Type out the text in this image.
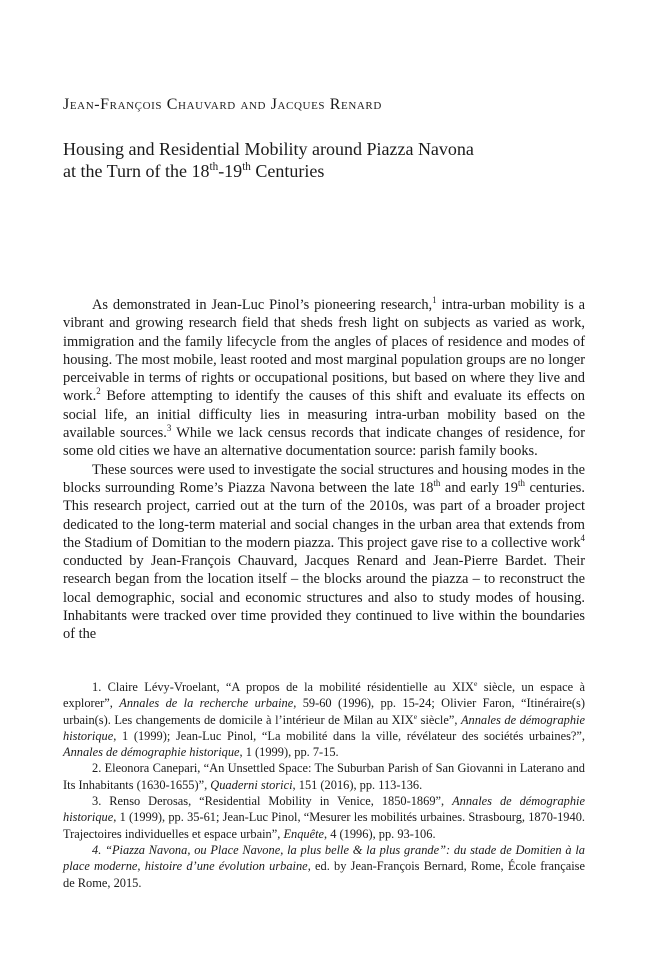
Jean-François Chauvard and Jacques Renard
Housing and Residential Mobility around Piazza Navona
at the Turn of the 18th-19th Centuries

As demonstrated in Jean-Luc Pinol’s pioneering research,$^1$ intra-urban mobility is a vibrant and growing research field that sheds fresh light on subjects as varied as work, immigration and the family lifecycle from the angles of places of residence and modes of housing. The most mobile, least rooted and most marginal population groups are no longer perceivable in terms of rights or occupational positions, but based on where they live and work.$^2$ Before attempting to identify the causes of this shift and evaluate its effects on social life, an initial difficulty lies in measuring intra-urban mobility based on the available sources.$^3$ While we lack census records that indicate changes of residence, for some old cities we have an alternative documentation source: parish family books.

These sources were used to investigate the social structures and housing modes in the blocks surrounding Rome’s Piazza Navona between the late 18th and early 19th centuries. This research project, carried out at the turn of the 2010s, was part of a broader project dedicated to the long-term material and social changes in the urban area that extends from the Stadium of Domitian to the modern piazza. This project gave rise to a collective work$^4$ conducted by Jean-François Chauvard, Jacques Renard and Jean-Pierre Bardet. Their research began from the location itself – the blocks around the piazza – to reconstruct the local demographic, social and economic structures and also to study modes of housing. Inhabitants were tracked over time provided they continued to live within the boundaries of the

1. Claire Lévy-Vroelant, “A propos de la mobilité résidentielle au XIXe siècle, un espace à explorer”, Annales de la recherche urbaine, 59-60 (1996), pp. 15-24; Olivier Faron, “Itinéraire(s) urbain(s). Les changements de domicile à l’intérieur de Milan au XIXe siècle”, Annales de démographie historique, 1 (1999); Jean-Luc Pinol, “La mobilité dans la ville, révélateur des sociétés urbaines?”, Annales de démographie historique, 1 (1999), pp. 7-15.

2. Eleonora Canepari, “An Unsettled Space: The Suburban Parish of San Giovanni in Laterano and Its Inhabitants (1630-1655)”, Quaderni storici, 151 (2016), pp. 113-136.

3. Renso Derosas, “Residential Mobility in Venice, 1850-1869”, Annales de démographie historique, 1 (1999), pp. 35-61; Jean-Luc Pinol, “Mesurer les mobilités urbaines. Strasbourg, 1870-1940. Trajectoires individuelles et espace urbain”, Enquête, 4 (1996), pp. 93-106.

4. “Piazza Navona, ou Place Navone, la plus belle & la plus grande”: du stade de Domitien à la place moderne, histoire d’une évolution urbaine, ed. by Jean-François Bernard, Rome, École française de Rome, 2015.
